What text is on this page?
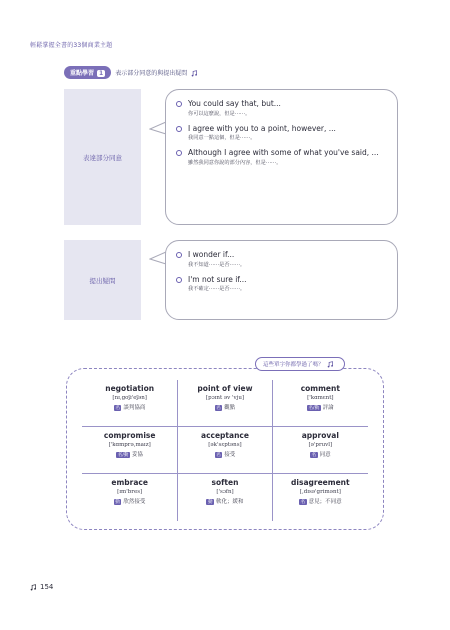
輕鬆掌握全書的33個商業主題
重點學習 1	表示部分同意的與提出疑問
表達部分同意
You could say that, but...
你可以這麼說，但是⋯⋯。
I agree with you to a point, however, ...
我同意一點這個，但是⋯⋯。
Although I agree with some of what you've said, ...
雖然我同意你說的部分內容，但是⋯⋯。
提出疑問
I wonder if...
我不知道⋯⋯是否⋯⋯。
I'm not sure if...
我不確定⋯⋯是否⋯⋯。
這些單字你都學過了嗎？
negotiation
[nɪ,goʃɪ'eʃən]
名 談判協商
point of view
[pɔɪnt əv 'vju]
名 觀點
comment
['kɑmɛnt]
名/動 評論
compromise
['kɑmprə,maɪz]
名/動 妥協
acceptance
[ək'sɛptəns]
名 接受
approval
[ə'pruvl]
名 同意
embrace
[ɪm'bres]
動 欣然接受
soften
['sɔfn]
動 軟化；緩和
disagreement
[,dɪsə'grimənt]
名 意見；不同意
154
